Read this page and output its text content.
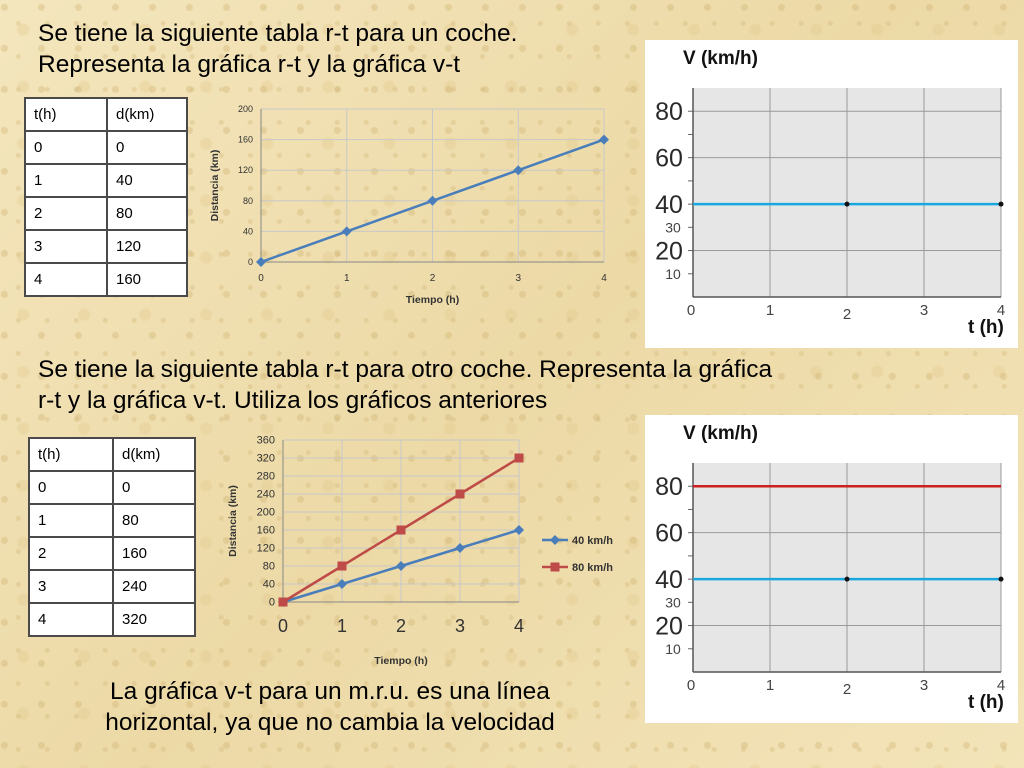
Se tiene la siguiente tabla r-t para un coche.
Representa la gráfica r-t y la gráfica v-t
t(h)	d(km)
0	0
1	40
2	80
3	120
4	160
0
40
80
120
160
200
0	1	2	3	4
Tiempo (h)
Distancia (km)
20
40
60
80
10
30
0	1	2	3	4
V (km/h)
t (h)
Se tiene la siguiente tabla r-t para otro coche. Representa la gráfica
r-t y la gráfica v-t. Utiliza los gráficos anteriores
t(h)	d(km)
0	0
1	80
2	160
3	240
4	320
0
40
80
120
160
200
240
280
320
360
0	1	2	3	4
Tiempo (h)
Distancia (km)	40 km/h
80 km/h
20
40
60
80
10
30
0	1	2	3	4
V (km/h)
t (h)

La gráfica v-t para un m.r.u. es una línea
horizontal, ya que no cambia la velocidad
